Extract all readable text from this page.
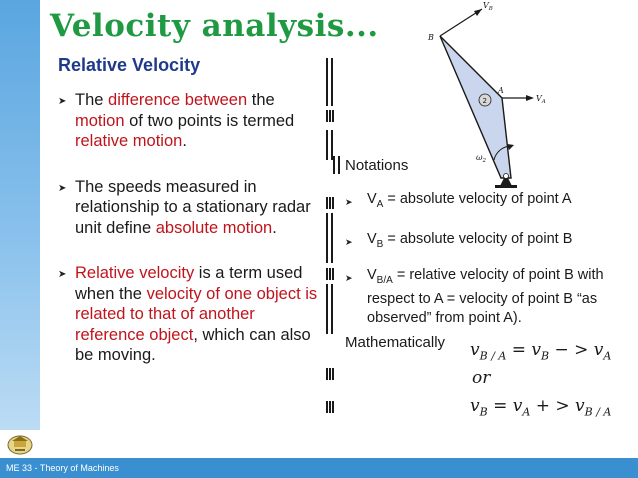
Velocity analysis...
Relative Velocity
➤ The difference between the motion of two points is termed relative motion.
➤ The speeds measured in relationship to a stationary radar unit define absolute motion.
➤ Relative velocity is a term used when the velocity of one object is related to that of another reference object, which can also be moving.
B
A
$V_B$
$V_A$
2
$\omega_2$
Notations
➤ $V_A$ = absolute velocity of point A
➤ $V_B$ = absolute velocity of point B
➤ $V_{B/A}$ = relative velocity of point B with respect to A = velocity of point B “as observed” from point A).
Mathematically $v_{B / A} = v_B$ − > $v_A$
or
$v_B = v_A$ + > $v_{B / A}$
ME 33 - Theory of Machines
